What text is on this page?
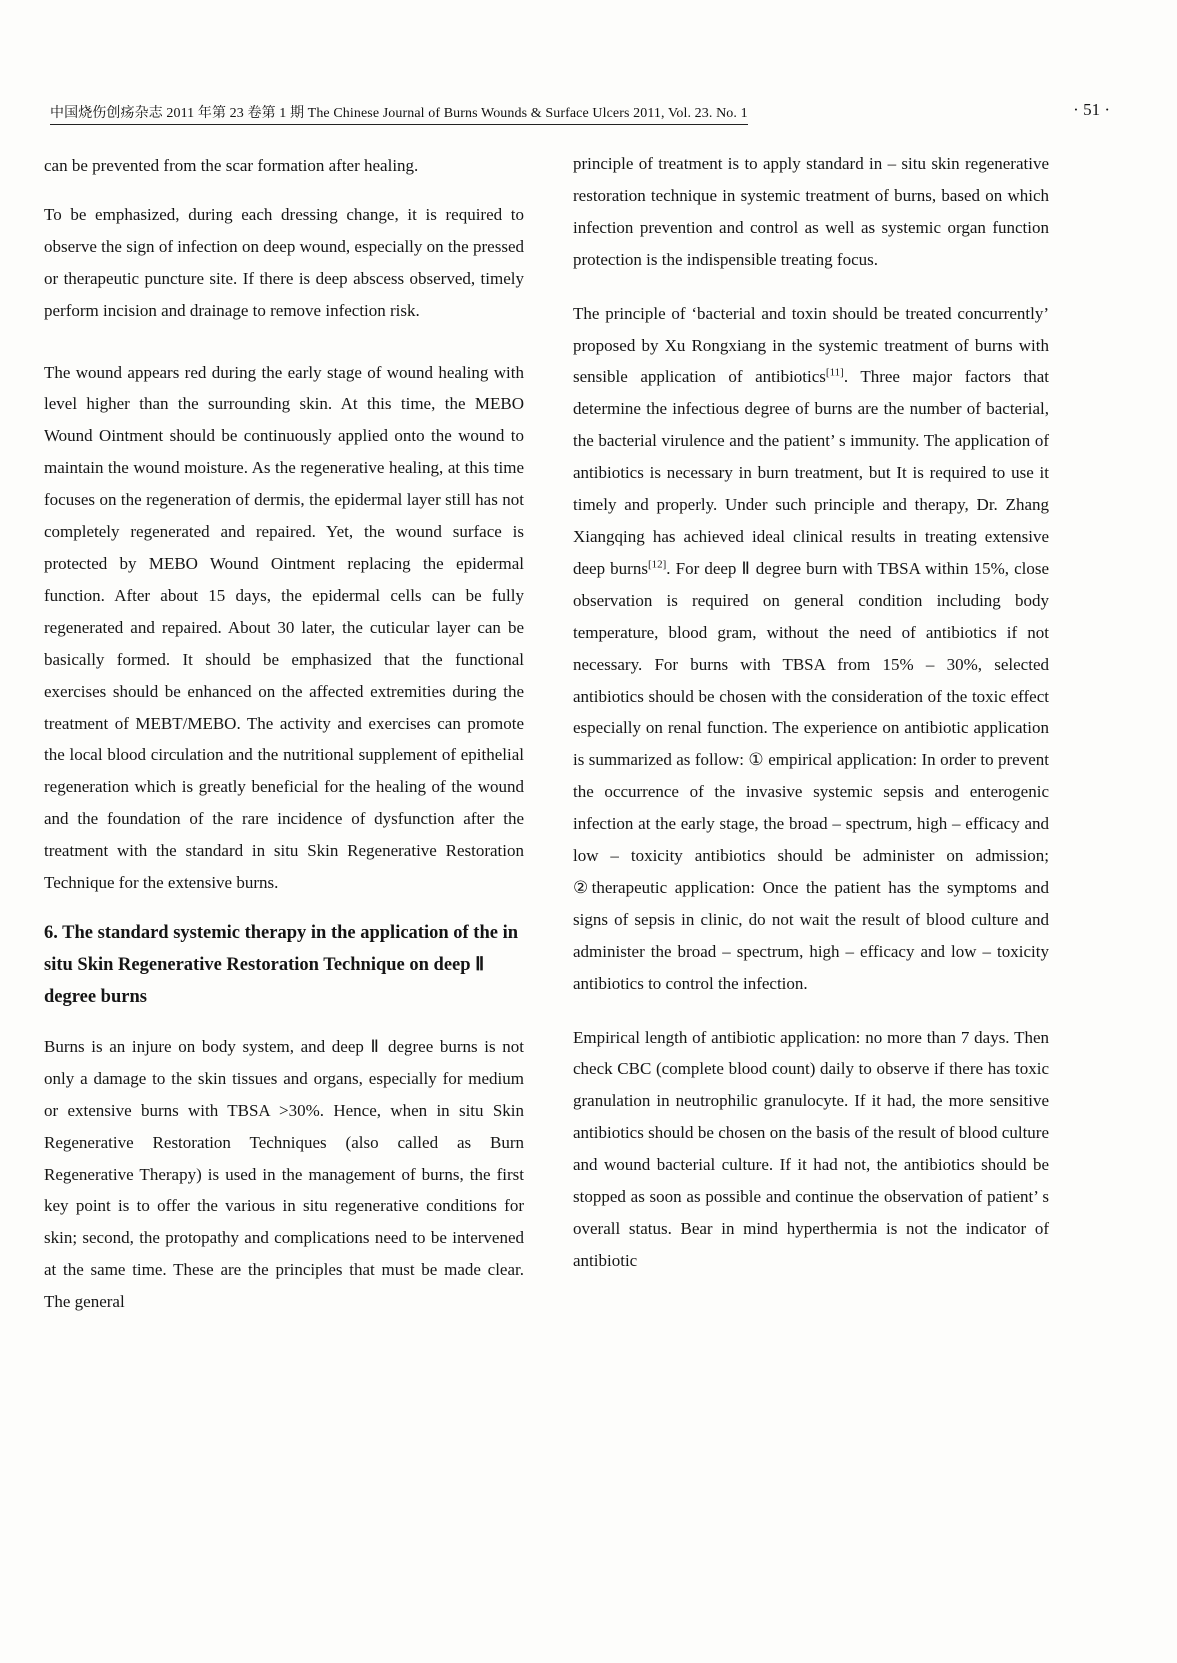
中国烧伤创疡杂志 2011 年第 23 卷第 1 期 The Chinese Journal of Burns Wounds & Surface Ulcers 2011, Vol. 23. No. 1	· 51 ·

can be prevented from the scar formation after healing.

To be emphasized, during each dressing change, it is required to observe the sign of infection on deep wound, especially on the pressed or therapeutic puncture site. If there is deep abscess observed, timely perform incision and drainage to remove infection risk.

The wound appears red during the early stage of wound healing with level higher than the surrounding skin. At this time, the MEBO Wound Ointment should be continuously applied onto the wound to maintain the wound moisture. As the regenerative healing, at this time focuses on the regeneration of dermis, the epidermal layer still has not completely regenerated and repaired. Yet, the wound surface is protected by MEBO Wound Ointment replacing the epidermal function. After about 15 days, the epidermal cells can be fully regenerated and repaired. About 30 later, the cuticular layer can be basically formed. It should be emphasized that the functional exercises should be enhanced on the affected extremities during the treatment of MEBT/MEBO. The activity and exercises can promote the local blood circulation and the nutritional supplement of epithelial regeneration which is greatly beneficial for the healing of the wound and the foundation of the rare incidence of dysfunction after the treatment with the standard in situ Skin Regenerative Restoration Technique for the extensive burns.

6. The standard systemic therapy in the application of the in situ Skin Regenerative Restoration Technique on deep Ⅱ degree burns

Burns is an injure on body system, and deep Ⅱ degree burns is not only a damage to the skin tissues and organs, especially for medium or extensive burns with TBSA >30%. Hence, when in situ Skin Regenerative Restoration Techniques (also called as Burn Regenerative Therapy) is used in the management of burns, the first key point is to offer the various in situ regenerative conditions for skin; second, the protopathy and complications need to be intervened at the same time. These are the principles that must be made clear. The general

principle of treatment is to apply standard in – situ skin regenerative restoration technique in systemic treatment of burns, based on which infection prevention and control as well as systemic organ function protection is the indispensible treating focus.

The principle of ‘bacterial and toxin should be treated concurrently’ proposed by Xu Rongxiang in the systemic treatment of burns with sensible application of antibiotics[11]. Three major factors that determine the infectious degree of burns are the number of bacterial, the bacterial virulence and the patient’ s immunity. The application of antibiotics is necessary in burn treatment, but It is required to use it timely and properly. Under such principle and therapy, Dr. Zhang Xiangqing has achieved ideal clinical results in treating extensive deep burns[12]. For deep Ⅱ degree burn with TBSA within 15%, close observation is required on general condition including body temperature, blood gram, without the need of antibiotics if not necessary. For burns with TBSA from 15% – 30%, selected antibiotics should be chosen with the consideration of the toxic effect especially on renal function. The experience on antibiotic application is summarized as follow: ① empirical application: In order to prevent the occurrence of the invasive systemic sepsis and enterogenic infection at the early stage, the broad – spectrum, high – efficacy and low – toxicity antibiotics should be administer on admission; ②therapeutic application: Once the patient has the symptoms and signs of sepsis in clinic, do not wait the result of blood culture and administer the broad – spectrum, high – efficacy and low – toxicity antibiotics to control the infection.

Empirical length of antibiotic application: no more than 7 days. Then check CBC (complete blood count) daily to observe if there has toxic granulation in neutrophilic granulocyte. If it had, the more sensitive antibiotics should be chosen on the basis of the result of blood culture and wound bacterial culture. If it had not, the antibiotics should be stopped as soon as possible and continue the observation of patient’ s overall status. Bear in mind hyperthermia is not the indicator of antibiotic
